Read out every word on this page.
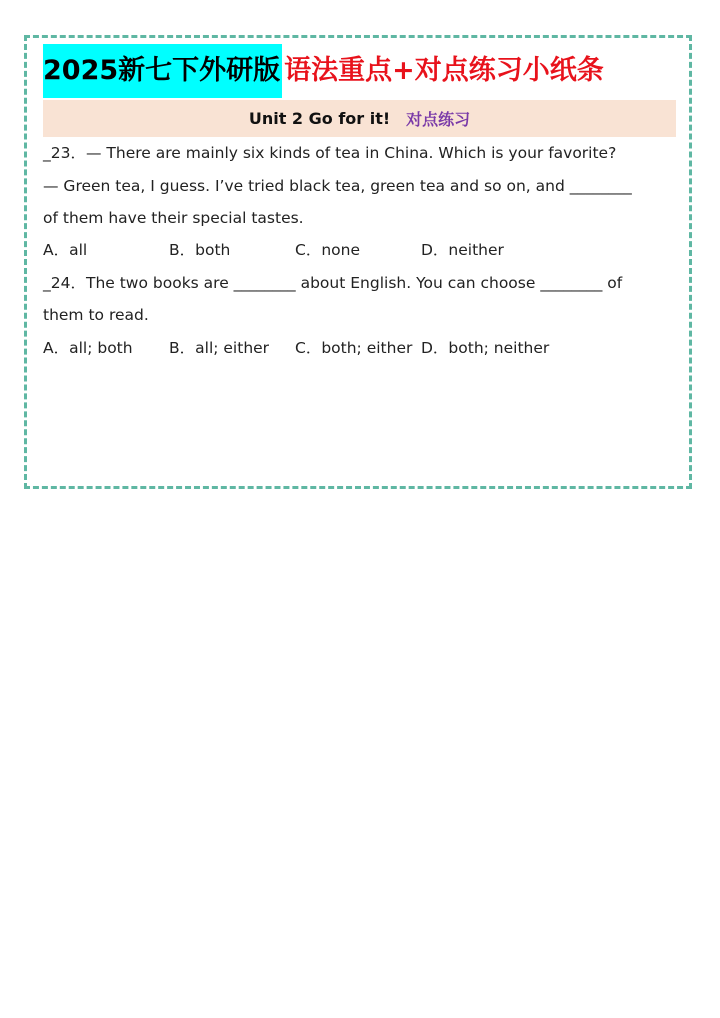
2025新七下外研版 语法重点+对点练习小纸条
Unit 2 Go for it! 对点练习
_23．— There are mainly six kinds of tea in China. Which is your favorite?
— Green tea, I guess. I’ve tried black tea, green tea and so on, and ________
of them have their special tastes.
A．all	B．both	C．none	D．neither
_24．The two books are ________ about English. You can choose ________ of
them to read.
A．all; both B．all; either C．both; either D．both; neither
